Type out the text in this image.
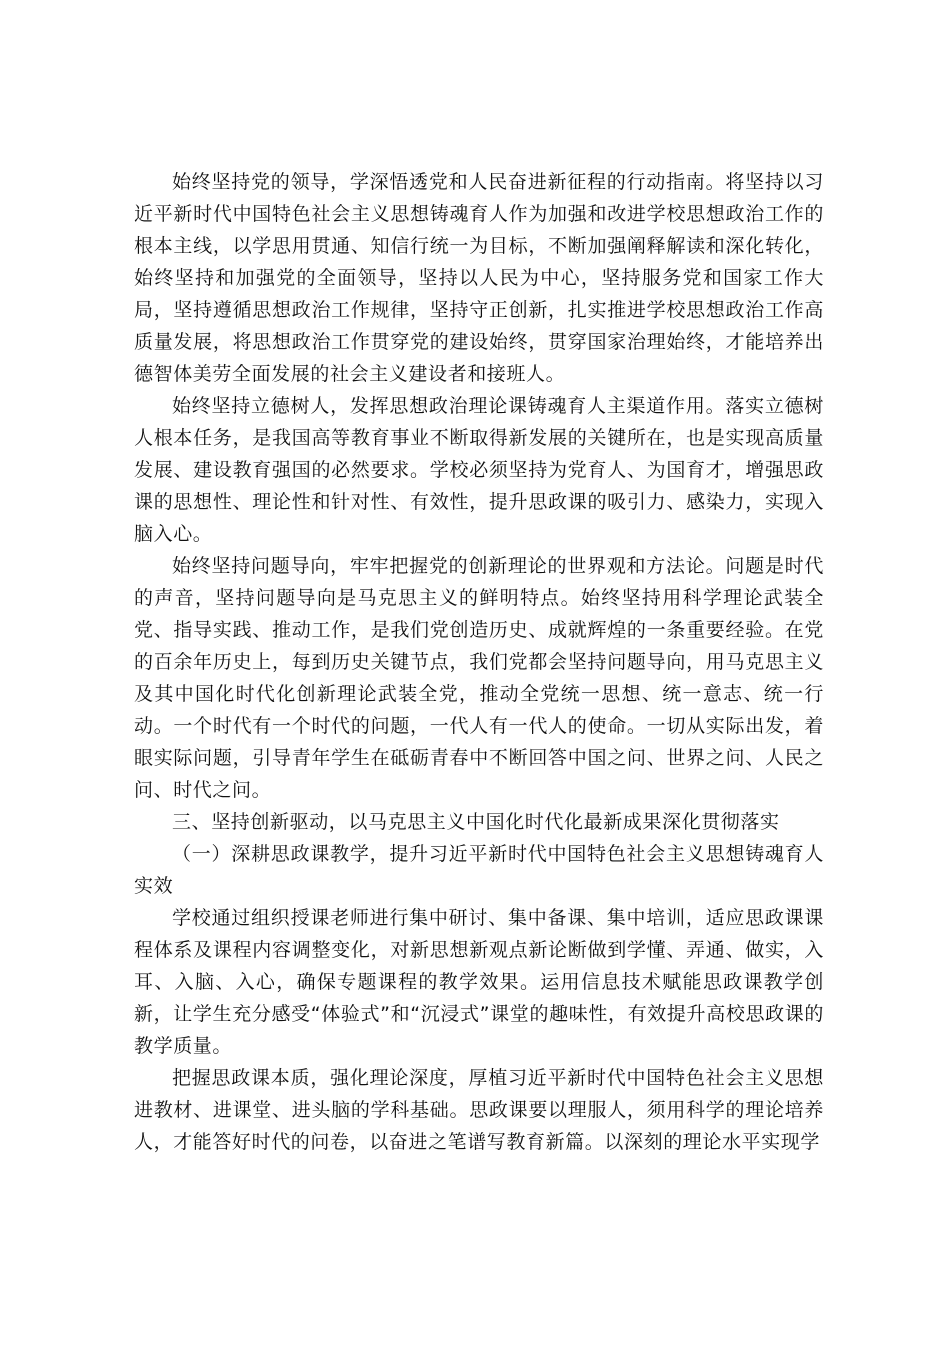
始终坚持党的领导，学深悟透党和人民奋进新征程的行动指南。将坚持以习近平新时代中国特色社会主义思想铸魂育人作为加强和改进学校思想政治工作的根本主线，以学思用贯通、知信行统一为目标，不断加强阐释解读和深化转化，始终坚持和加强党的全面领导，坚持以人民为中心，坚持服务党和国家工作大局，坚持遵循思想政治工作规律，坚持守正创新，扎实推进学校思想政治工作高质量发展，将思想政治工作贯穿党的建设始终，贯穿国家治理始终，才能培养出德智体美劳全面发展的社会主义建设者和接班人。

始终坚持立德树人，发挥思想政治理论课铸魂育人主渠道作用。落实立德树人根本任务，是我国高等教育事业不断取得新发展的关键所在，也是实现高质量发展、建设教育强国的必然要求。学校必须坚持为党育人、为国育才，增强思政课的思想性、理论性和针对性、有效性，提升思政课的吸引力、感染力，实现入脑入心。

始终坚持问题导向，牢牢把握党的创新理论的世界观和方法论。问题是时代的声音，坚持问题导向是马克思主义的鲜明特点。始终坚持用科学理论武装全党、指导实践、推动工作，是我们党创造历史、成就辉煌的一条重要经验。在党的百余年历史上，每到历史关键节点，我们党都会坚持问题导向，用马克思主义及其中国化时代化创新理论武装全党，推动全党统一思想、统一意志、统一行动。一个时代有一个时代的问题，一代人有一代人的使命。一切从实际出发，着眼实际问题，引导青年学生在砥砺青春中不断回答中国之问、世界之问、人民之问、时代之问。

三、坚持创新驱动，以马克思主义中国化时代化最新成果深化贯彻落实

（一）深耕思政课教学，提升习近平新时代中国特色社会主义思想铸魂育人实效

学校通过组织授课老师进行集中研讨、集中备课、集中培训，适应思政课课程体系及课程内容调整变化，对新思想新观点新论断做到学懂、弄通、做实，入耳、入脑、入心，确保专题课程的教学效果。运用信息技术赋能思政课教学创新，让学生充分感受“体验式”和“沉浸式”课堂的趣味性，有效提升高校思政课的教学质量。

把握思政课本质，强化理论深度，厚植习近平新时代中国特色社会主义思想进教材、进课堂、进头脑的学科基础。思政课要以理服人，须用科学的理论培养人，才能答好时代的问卷，以奋进之笔谱写教育新篇。以深刻的理论水平实现学
